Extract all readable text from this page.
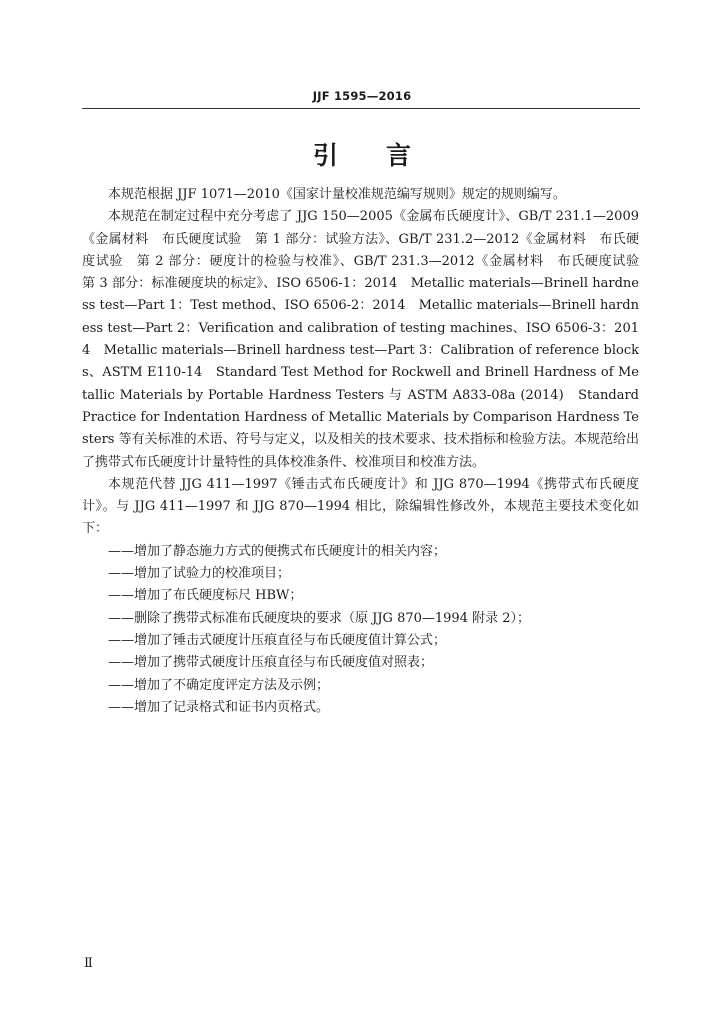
JJF 1595—2016
引言

本规范根据 JJF 1071—2010《国家计量校准规范编写规则》规定的规则编写。

本规范在制定过程中充分考虑了 JJG 150—2005《金属布氏硬度计》、GB/T 231.1—2009《金属材料　布氏硬度试验　第 1 部分：试验方法》、GB/T 231.2—2012《金属材料　布氏硬度试验　第 2 部分：硬度计的检验与校准》、GB/T 231.3—2012《金属材料　布氏硬度试验　第 3 部分：标准硬度块的标定》、ISO 6506-1：2014　Metallic materials—Brinell hardness test—Part 1：Test method、ISO 6506-2：2014　Metallic materials—Brinell hardness test—Part 2：Verification and calibration of testing machines、ISO 6506-3：2014　Metallic materials—Brinell hardness test—Part 3：Calibration of reference blocks、ASTM E110-14　Standard Test Method for Rockwell and Brinell Hardness of Metallic Materials by Portable Hardness Testers 与 ASTM A833-08a (2014)　Standard Practice for Indentation Hardness of Metallic Materials by Comparison Hardness Testers 等有关标准的术语、符号与定义，以及相关的技术要求、技术指标和检验方法。本规范给出了携带式布氏硬度计计量特性的具体校准条件、校准项目和校准方法。

本规范代替 JJG 411—1997《锤击式布氏硬度计》和 JJG 870—1994《携带式布氏硬度计》。与 JJG 411—1997 和 JJG 870—1994 相比，除编辑性修改外，本规范主要技术变化如下：

——增加了静态施力方式的便携式布氏硬度计的相关内容；
——增加了试验力的校准项目；
——增加了布氏硬度标尺 HBW；
——删除了携带式标准布氏硬度块的要求（原 JJG 870—1994 附录 2）；
——增加了锤击式硬度计压痕直径与布氏硬度值计算公式；
——增加了携带式硬度计压痕直径与布氏硬度值对照表；
——增加了不确定度评定方法及示例；
——增加了记录格式和证书内页格式。
Ⅱ
